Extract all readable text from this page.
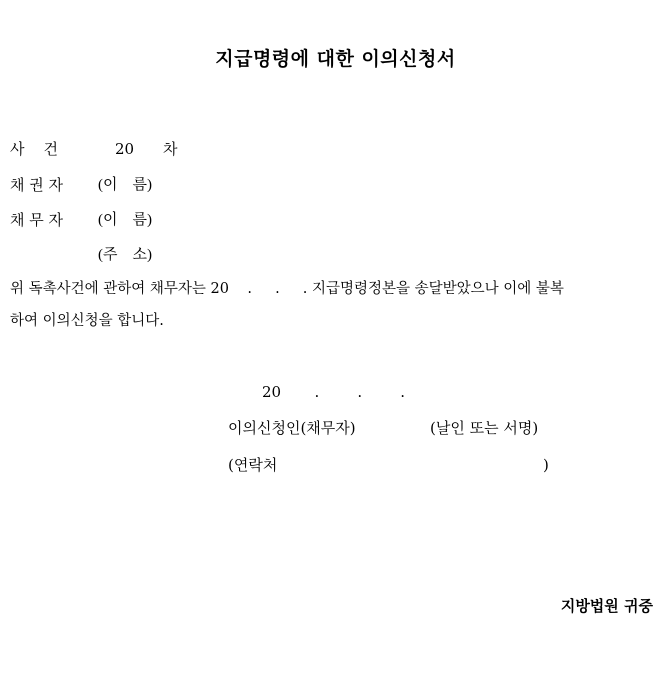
지급명령에 대한 이의신청서
사    건	20 차
채 권 자 (이    름)
채 무 자 (이    름)
(주    소)
위 독촉사건에 관하여 채무자는 20    .     .     . 지급명령정본을 송달받았으나 이에 불복
하여 이의신청을 합니다.
20       .        .        .
이의신청인(채무자)	(날인 또는 서명)
(연락처	)
지방법원 귀중
